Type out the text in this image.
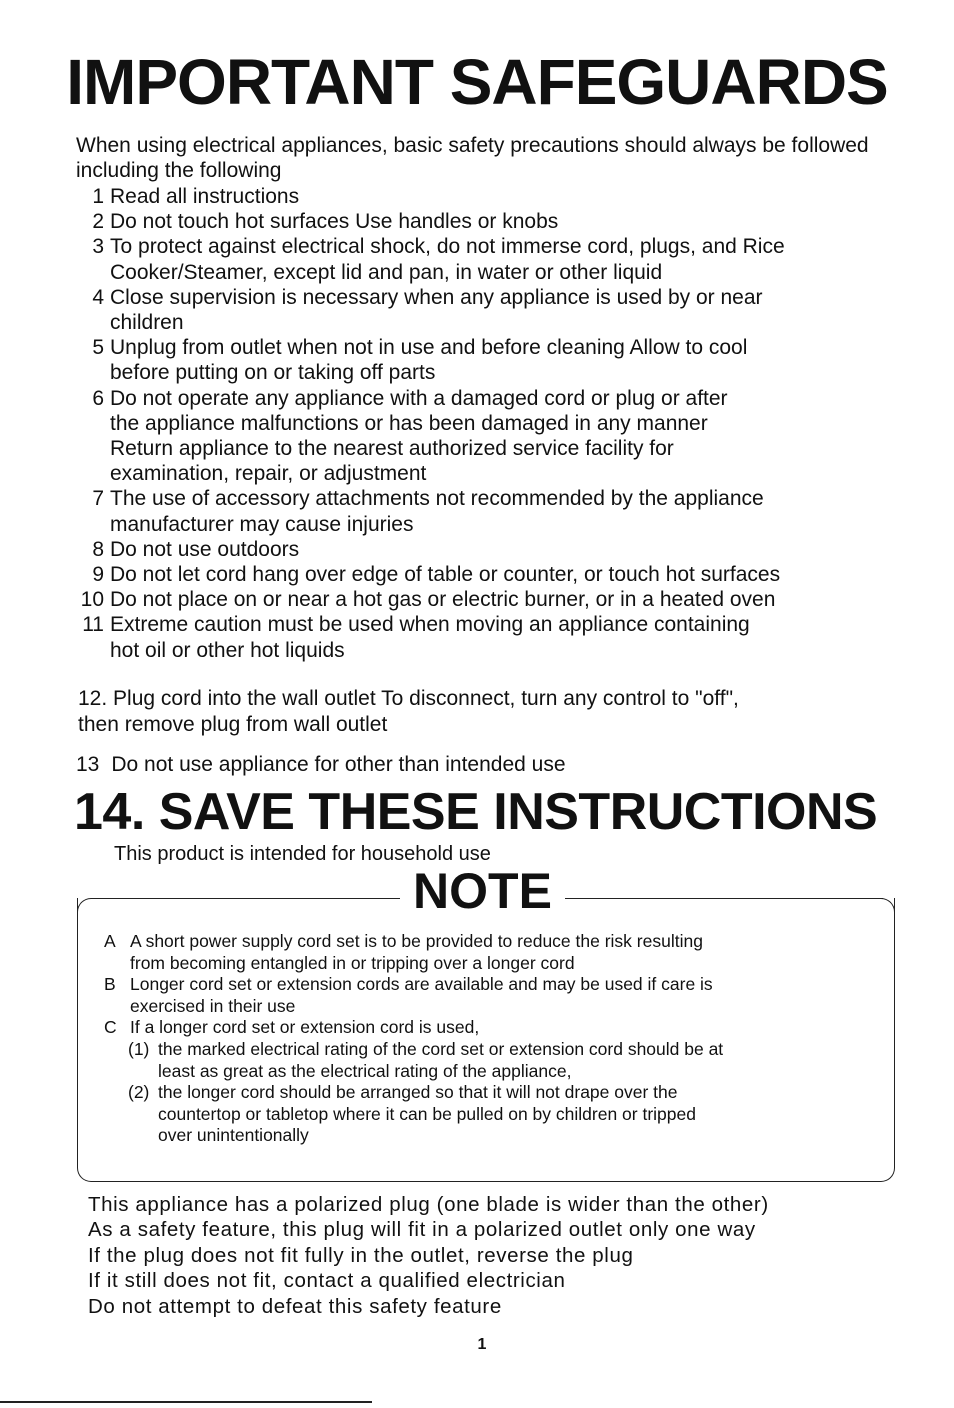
IMPORTANT SAFEGUARDS
When using electrical appliances, basic safety precautions should always be followed including the following
1 Read all instructions
2 Do not touch hot surfaces Use handles or knobs
3 To protect against electrical shock, do not immerse cord, plugs, and Rice
Cooker/Steamer, except lid and pan, in water or other liquid
4 Close supervision is necessary when any appliance is used by or near
children
5 Unplug from outlet when not in use and before cleaning Allow to cool
before putting on or taking off parts
6 Do not operate any appliance with a damaged cord or plug or after
the appliance malfunctions or has been damaged in any manner
Return appliance to the nearest authorized service facility for
examination, repair, or adjustment
7 The use of accessory attachments not recommended by the appliance
manufacturer may cause injuries
8 Do not use outdoors
9 Do not let cord hang over edge of table or counter, or touch hot surfaces
10 Do not place on or near a hot gas or electric burner, or in a heated oven
11 Extreme caution must be used when moving an appliance containing
hot oil or other hot liquids
12. Plug cord into the wall outlet To disconnect, turn any control to "off",
then remove plug from wall outlet
13 Do not use appliance for other than intended use
14. SAVE THESE INSTRUCTIONS
This product is intended for household use
NOTE
A A short power supply cord set is to be provided to reduce the risk resulting
from becoming entangled in or tripping over a longer cord
B Longer cord set or extension cords are available and may be used if care is
exercised in their use
C If a longer cord set or extension cord is used,
(1) the marked electrical rating of the cord set or extension cord should be at
least as great as the electrical rating of the appliance,
(2) the longer cord should be arranged so that it will not drape over the
countertop or tabletop where it can be pulled on by children or tripped
over unintentionally
This appliance has a polarized plug (one blade is wider than the other)
As a safety feature, this plug will fit in a polarized outlet only one way
If the plug does not fit fully in the outlet, reverse the plug
If it still does not fit, contact a qualified electrician
Do not attempt to defeat this safety feature
1
